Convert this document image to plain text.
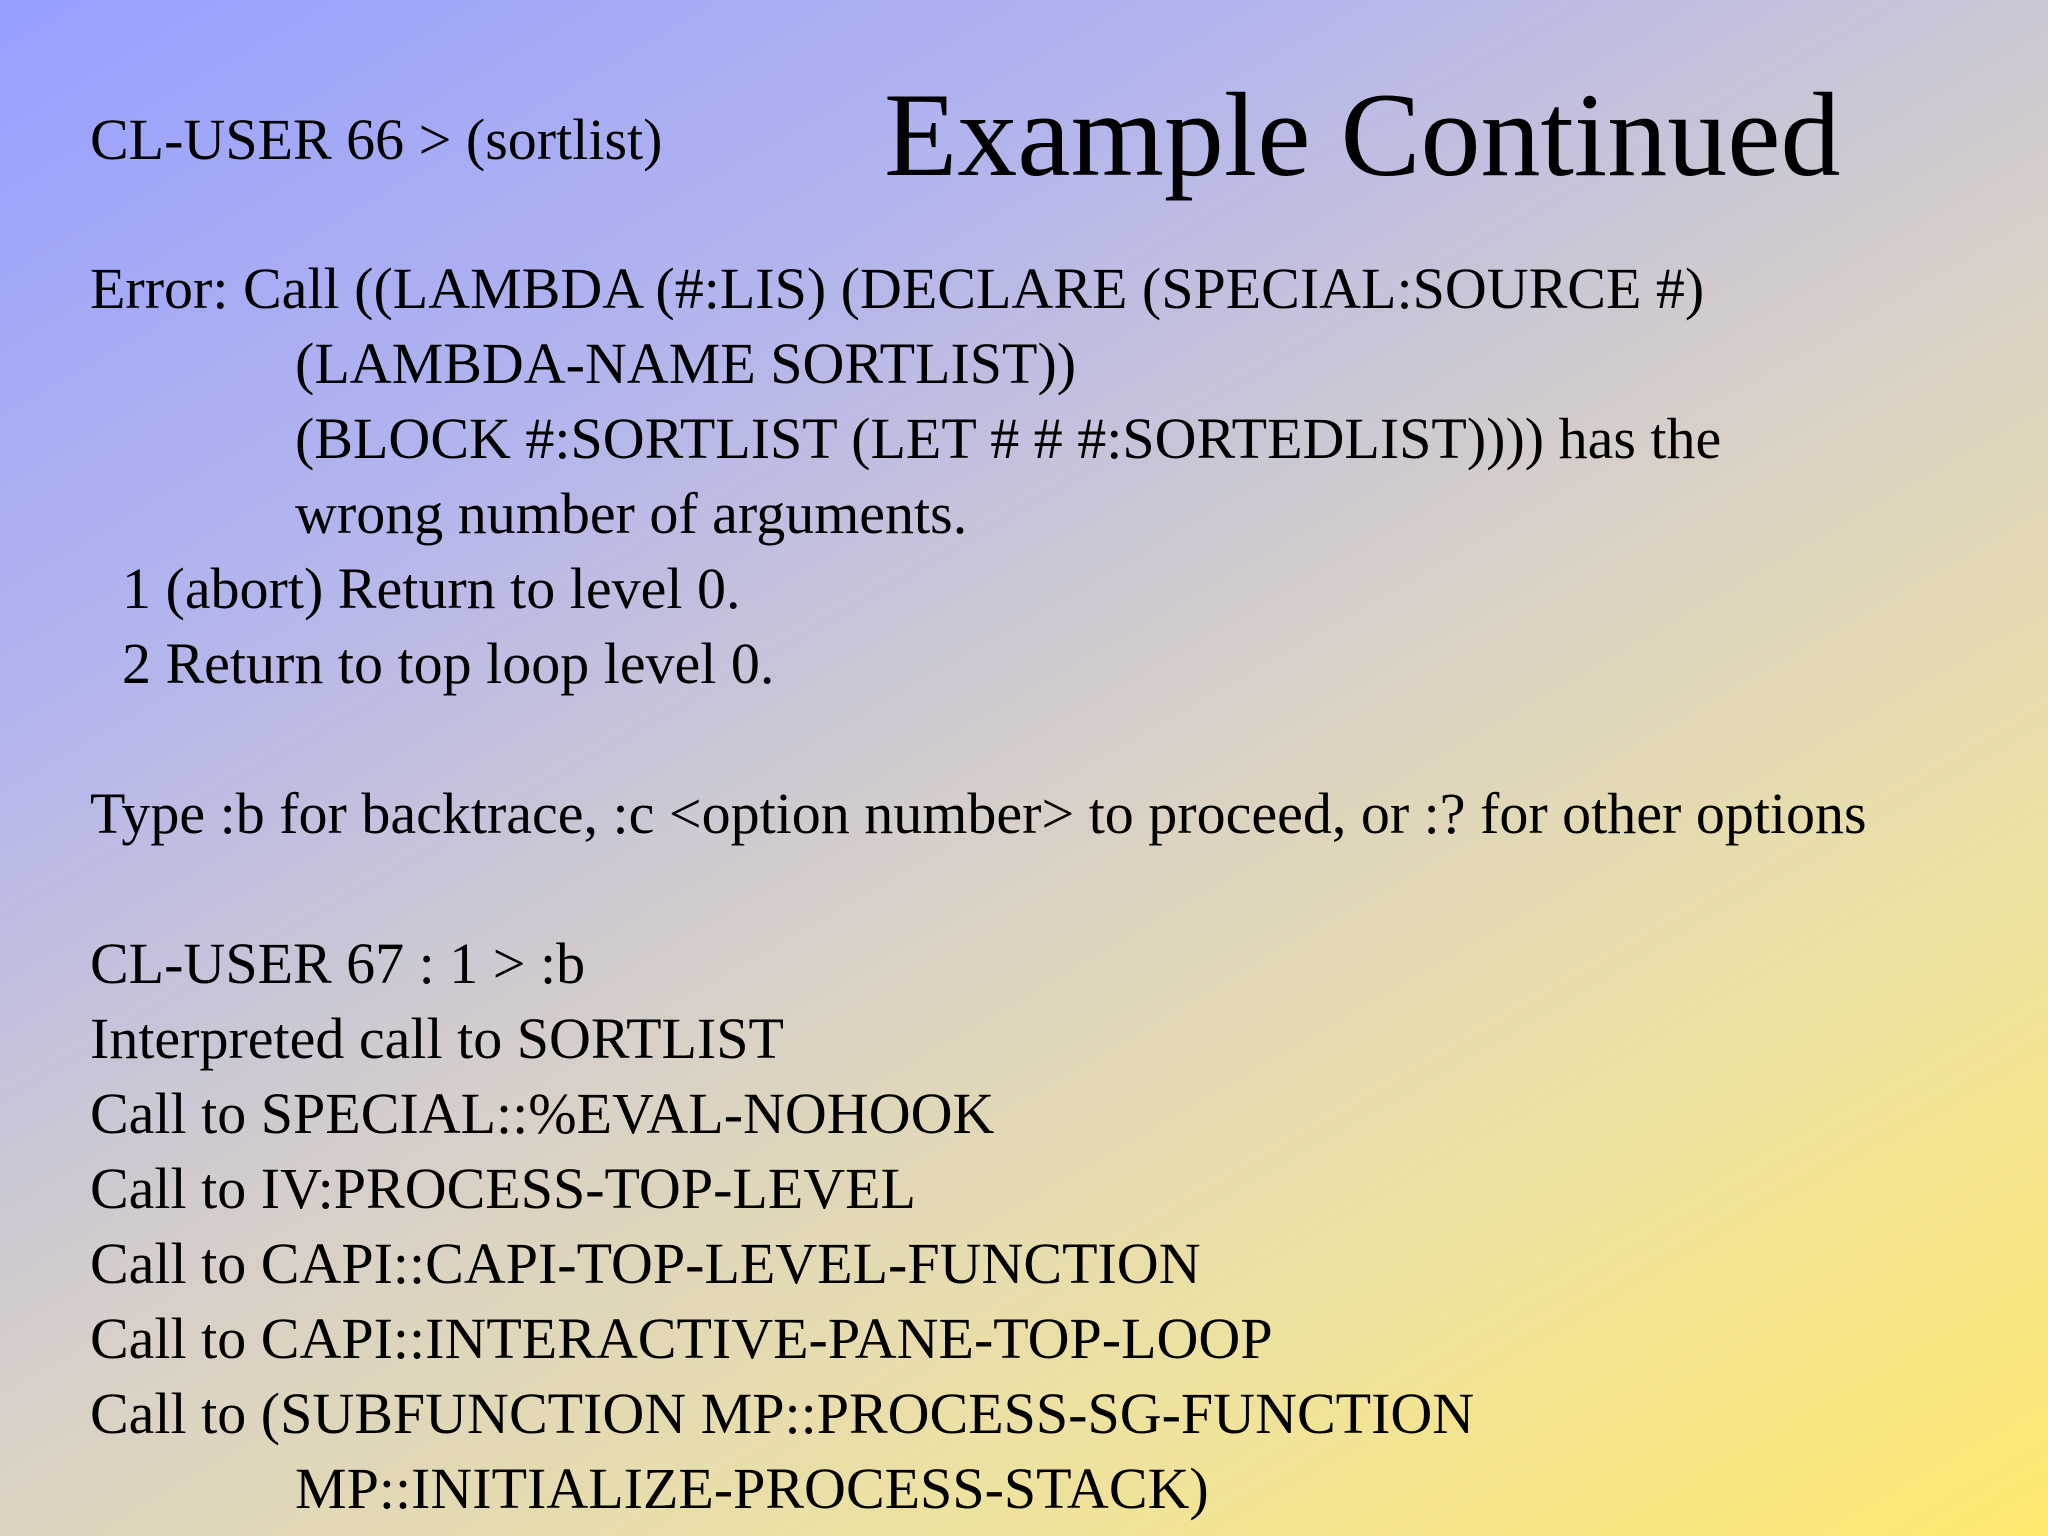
Example Continued
CL-USER 66 > (sortlist)
Error: Call ((LAMBDA (#:LIS) (DECLARE (SPECIAL:SOURCE #)
(LAMBDA-NAME SORTLIST))
(BLOCK #:SORTLIST (LET # # #:SORTEDLIST)))) has the
wrong number of arguments.
1 (abort) Return to level 0.
2 Return to top loop level 0.
Type :b for backtrace, :c <option number> to proceed, or :? for other options
CL-USER 67 : 1 > :b
Interpreted call to SORTLIST
Call to SPECIAL::%EVAL-NOHOOK
Call to IV:PROCESS-TOP-LEVEL
Call to CAPI::CAPI-TOP-LEVEL-FUNCTION
Call to CAPI::INTERACTIVE-PANE-TOP-LOOP
Call to (SUBFUNCTION MP::PROCESS-SG-FUNCTION
MP::INITIALIZE-PROCESS-STACK)
